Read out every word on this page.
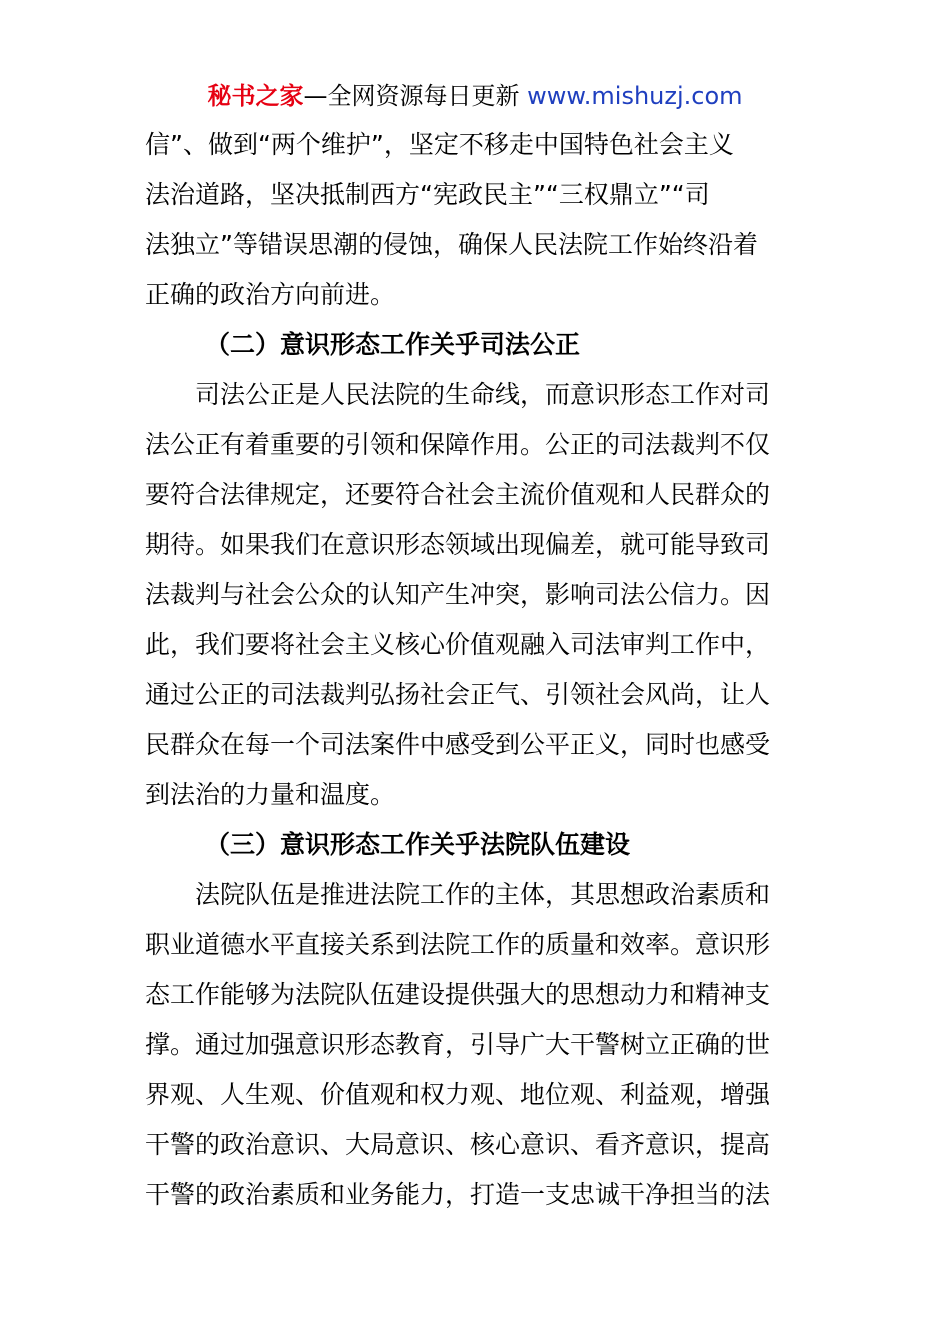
秘书之家—全网资源每日更新 www.mishuzj.com
信”、做到“两个维护”，坚定不移走中国特色社会主义
法治道路，坚决抵制西方“宪政民主”“三权鼎立”“司
法独立”等错误思潮的侵蚀，确保人民法院工作始终沿着
正确的政治方向前进。
（二）意识形态工作关乎司法公正
司法公正是人民法院的生命线，而意识形态工作对司
法公正有着重要的引领和保障作用。公正的司法裁判不仅
要符合法律规定，还要符合社会主流价值观和人民群众的
期待。如果我们在意识形态领域出现偏差，就可能导致司
法裁判与社会公众的认知产生冲突，影响司法公信力。因
此，我们要将社会主义核心价值观融入司法审判工作中，
通过公正的司法裁判弘扬社会正气、引领社会风尚，让人
民群众在每一个司法案件中感受到公平正义，同时也感受
到法治的力量和温度。
（三）意识形态工作关乎法院队伍建设
法院队伍是推进法院工作的主体，其思想政治素质和
职业道德水平直接关系到法院工作的质量和效率。意识形
态工作能够为法院队伍建设提供强大的思想动力和精神支
撑。通过加强意识形态教育，引导广大干警树立正确的世
界观、人生观、价值观和权力观、地位观、利益观，增强
干警的政治意识、大局意识、核心意识、看齐意识，提高
干警的政治素质和业务能力，打造一支忠诚干净担当的法
